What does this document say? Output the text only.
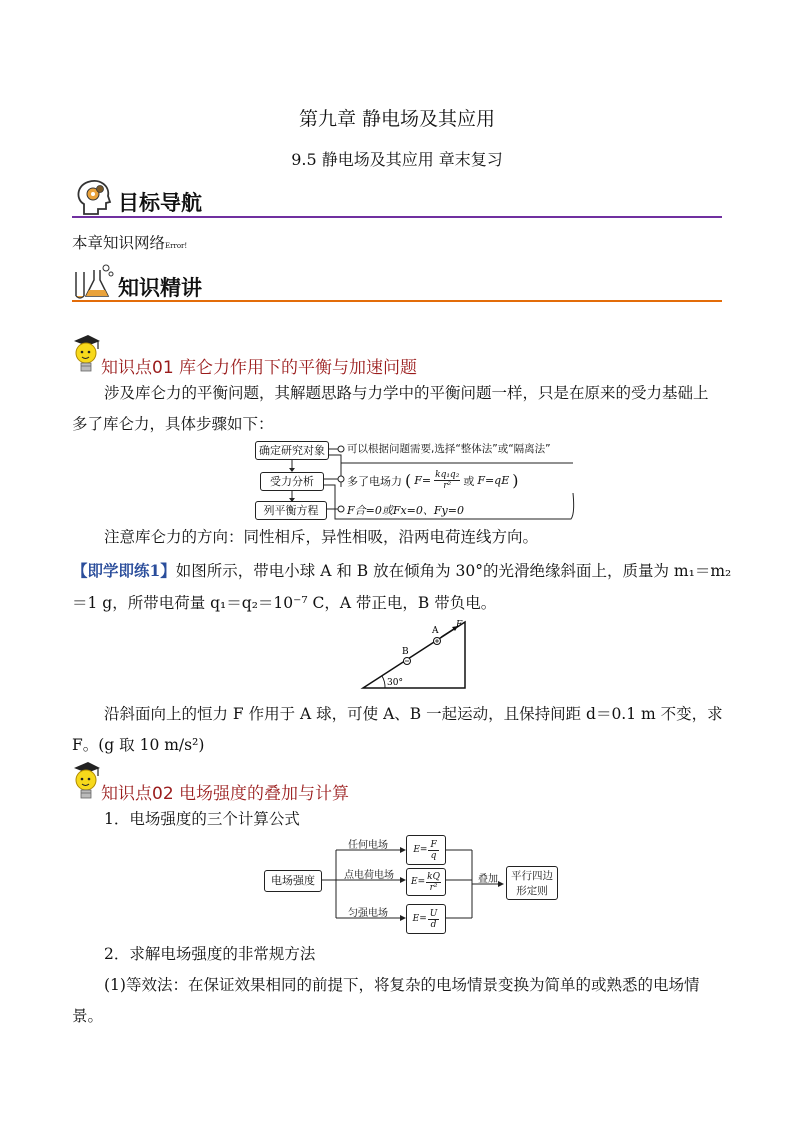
第九章 静电场及其应用
9.5 静电场及其应用 章末复习
目标导航
本章知识网络Error!
知识精讲
知识点01 库仑力作用下的平衡与加速问题
涉及库仑力的平衡问题，其解题思路与力学中的平衡问题一样，只是在原来的受力基础上
多了库仑力，具体步骤如下：
确定研究对象
受力分析
列平衡方程
可以根据问题需要,选择“整体法”或“隔离法”
多了电场力 ( $F= \frac{\text{kq₁q₂}}{\text{r²}}$ 或 F=qE )
F合=0或Fx=0、Fy=0
注意库仑力的方向：同性相斥，异性相吸，沿两电荷连线方向。
【即学即练1】如图所示，带电小球 A 和 B 放在倾角为 30°的光滑绝缘斜面上，质量为 m₁＝m₂
＝1 g，所带电荷量 q₁＝q₂＝10⁻⁷ C，A 带正电，B 带负电。
30°
B
A
F
沿斜面向上的恒力 F 作用于 A 球，可使 A、B 一起运动，且保持间距 d＝0.1 m 不变，求
F。(g 取 10 m/s²)
知识点02 电场强度的叠加与计算
1．电场强度的三个计算公式
电场强度
任何电场
点电荷电场
匀强电场
$E= \frac{F}{q}$
$E= \frac{kQ}{\text{r²}}$
$E= \frac{U}{d}$
叠加	平行四边
形定则
2．求解电场强度的非常规方法
(1)等效法：在保证效果相同的前提下，将复杂的电场情景变换为简单的或熟悉的电场情
景。
